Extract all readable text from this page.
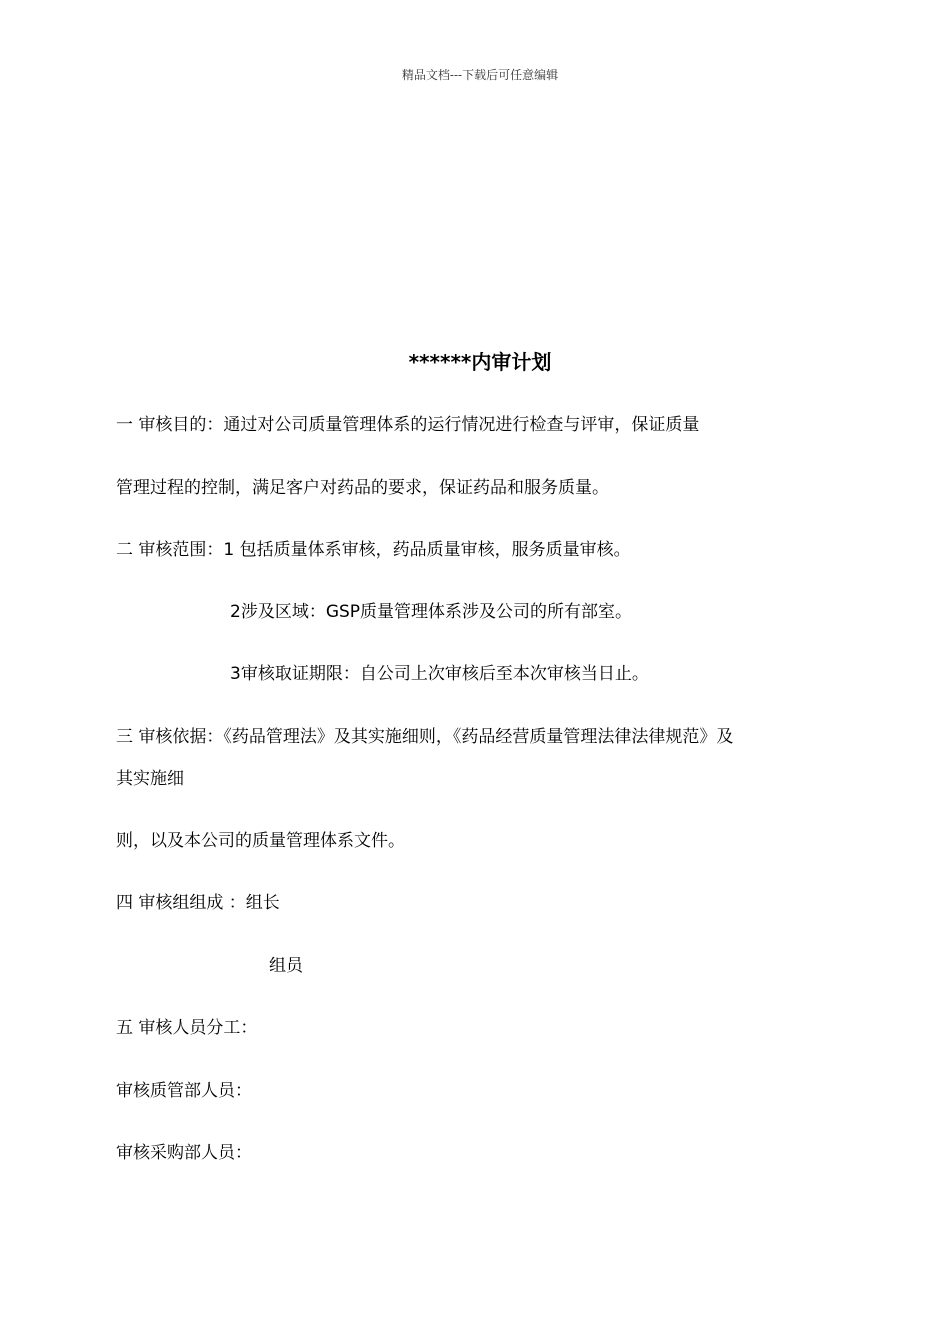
精品文档---下载后可任意编辑
******内审计划
一 审核目的：通过对公司质量管理体系的运行情况进行检查与评审，保证质量
管理过程的控制，满足客户对药品的要求，保证药品和服务质量。
二 审核范围：1 包括质量体系审核，药品质量审核，服务质量审核。
2涉及区域：GSP质量管理体系涉及公司的所有部室。
3审核取证期限：自公司上次审核后至本次审核当日止。
三 审核依据：《药品管理法》及其实施细则，《药品经营质量管理法律法律规范》及
其实施细
则，以及本公司的质量管理体系文件。
四 审核组组成 ：组长
组员
五 审核人员分工：
审核质管部人员：
审核采购部人员：
